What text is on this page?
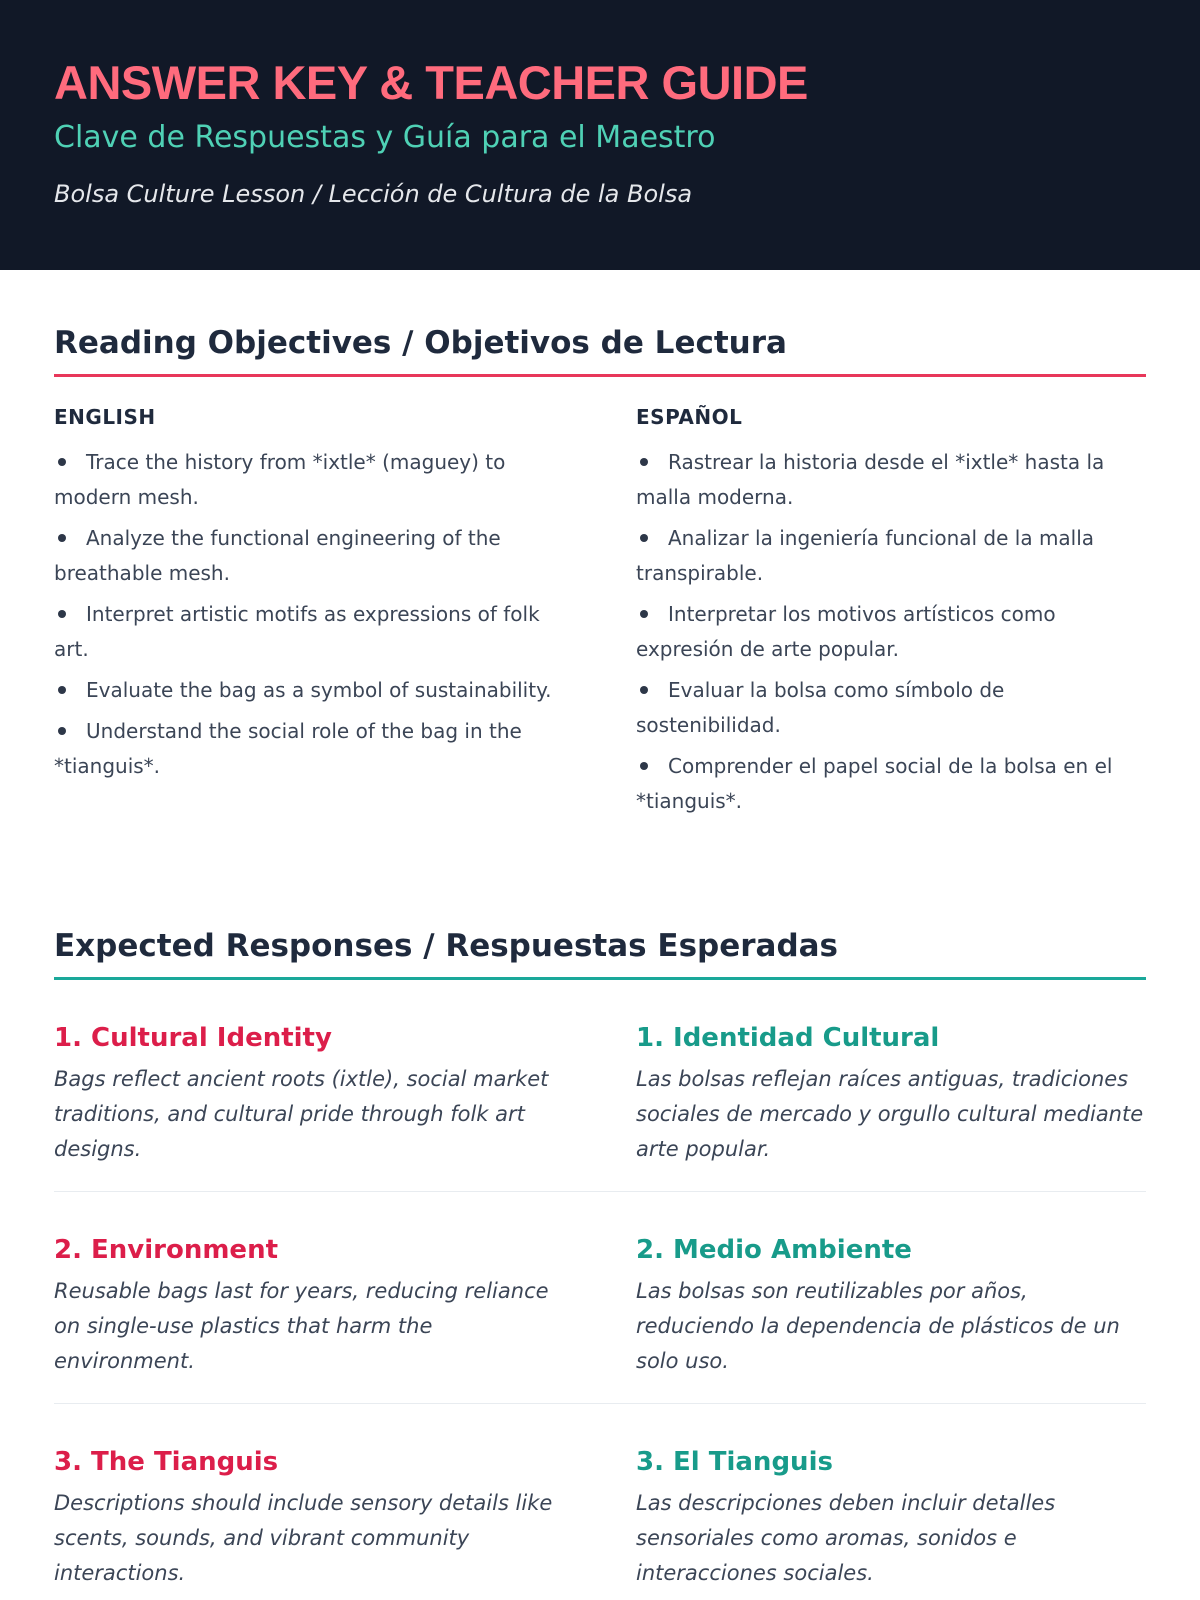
ANSWER KEY & TEACHER GUIDE

Clave de Respuestas y Guía para el Maestro

Bolsa Culture Lesson / Lección de Cultura de la Bolsa

Reading Objectives / Objetivos de Lectura
ENGLISH
Trace the history from *ixtle* (maguey) to modern mesh.
Analyze the functional engineering of the breathable mesh.
Interpret artistic motifs as expressions of folk art.
Evaluate the bag as a symbol of sustainability.
Understand the social role of the bag in the *tianguis*.
ESPAÑOL
Rastrear la historia desde el *ixtle* hasta la malla moderna.
Analizar la ingeniería funcional de la malla transpirable.
Interpretar los motivos artísticos como expresión de arte popular.
Evaluar la bolsa como símbolo de sostenibilidad.
Comprender el papel social de la bolsa en el *tianguis*.
Expected Responses / Respuestas Esperadas
1. Cultural Identity

Bags reflect ancient roots (ixtle), social market traditions, and cultural pride through folk art designs.

1. Identidad Cultural

Las bolsas reflejan raíces antiguas, tradiciones sociales de mercado y orgullo cultural mediante arte popular.

2. Environment

Reusable bags last for years, reducing reliance on single-use plastics that harm the environment.

2. Medio Ambiente

Las bolsas son reutilizables por años, reduciendo la dependencia de plásticos de un solo uso.

3. The Tianguis

Descriptions should include sensory details like scents, sounds, and vibrant community interactions.

3. El Tianguis

Las descripciones deben incluir detalles sensoriales como aromas, sonidos e interacciones sociales.
